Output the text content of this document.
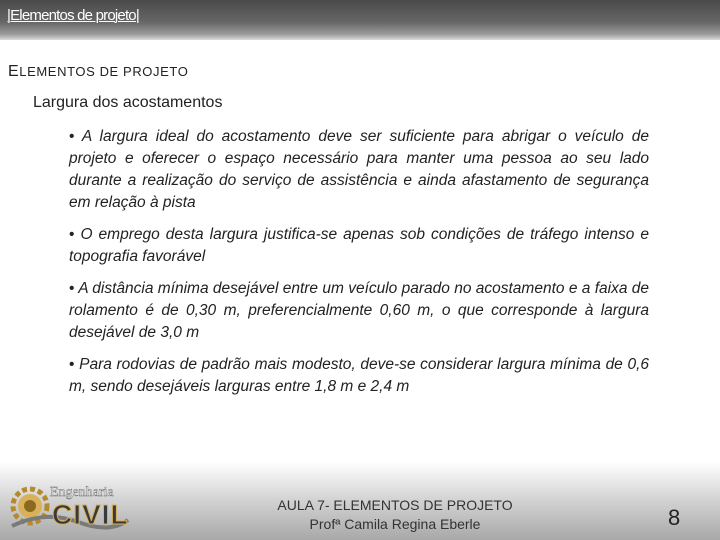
|Elementos de projeto|
ELEMENTOS DE PROJETO
Largura dos acostamentos
• A largura ideal do acostamento deve ser suficiente para abrigar o veículo de projeto e oferecer o espaço necessário para manter uma pessoa ao seu lado durante a realização do serviço de assistência e ainda afastamento de segurança em relação à pista
• O emprego desta largura justifica-se apenas sob condições de tráfego intenso e topografia favorável
• A distância mínima desejável entre um veículo parado no acostamento e a faixa de rolamento é de 0,30 m, preferencialmente 0,60 m, o que corresponde à largura desejável de 3,0 m
• Para rodovias de padrão mais modesto, deve-se considerar largura mínima de 0,6 m, sendo desejáveis larguras entre 1,8 m e 2,4 m
Engenharia
CIVIL	AULA 7- ELEMENTOS DE PROJETO
Profª Camila Regina Eberle	8
